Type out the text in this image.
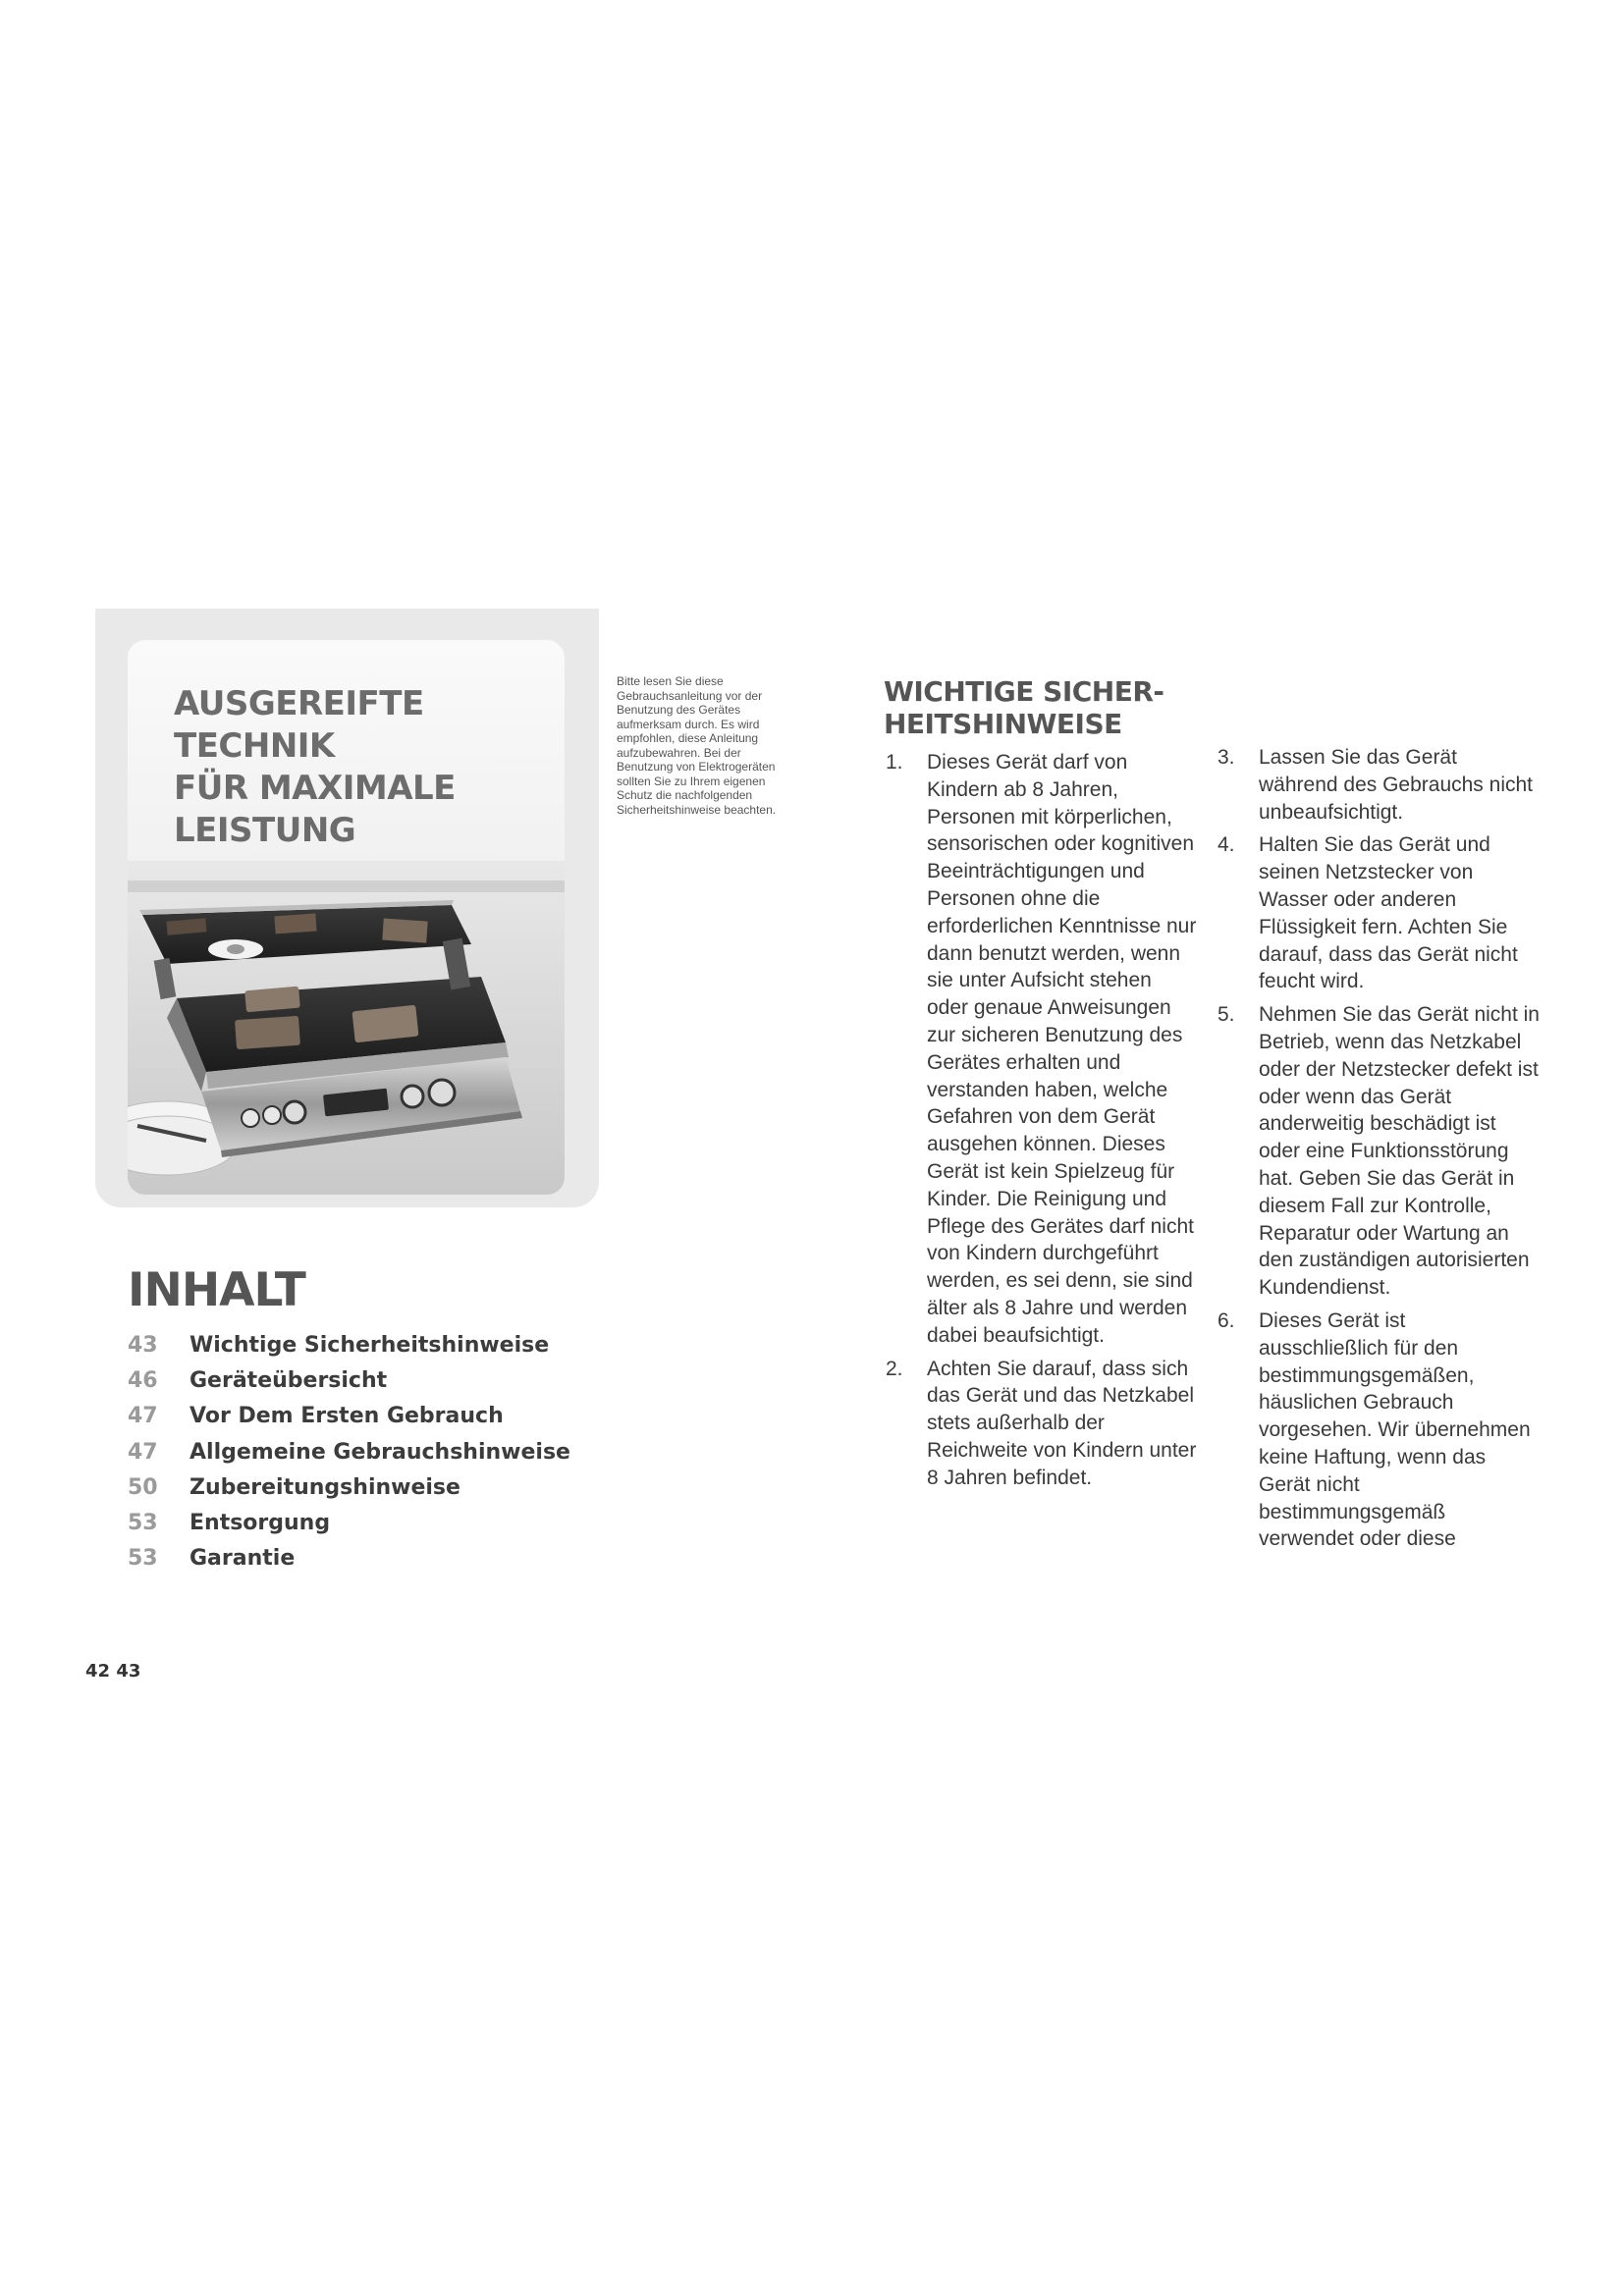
AUSGEREIFTE TECHNIK
FÜR MAXIMALE
LEISTUNG
Bitte lesen Sie diese Gebrauchsanleitung vor der Benutzung des Gerätes aufmerksam durch. Es wird empfohlen, diese Anleitung aufzubewahren. Bei der Benutzung von Elektrogeräten sollten Sie zu Ihrem eigenen Schutz die nachfolgenden Sicherheitshinweise beachten.
INHALT
43	Wichtige Sicherheitshinweise
46	Geräteübersicht
47	Vor Dem Ersten Gebrauch
47	Allgemeine Gebrauchshinweise
50	Zubereitungshinweise
53	Entsorgung
53	Garantie
42 43
WICHTIGE SICHER-
HEITSHINWEISE
1.	Dieses Gerät darf von Kindern ab 8 Jahren, Personen mit körperlichen, sensorischen oder kognitiven Beeinträchtigungen und Personen ohne die erforderlichen Kenntnisse nur dann benutzt werden, wenn sie unter Aufsicht stehen oder genaue Anweisungen zur sicheren Benutzung des Gerätes erhalten und verstanden haben, welche Gefahren von dem Gerät ausgehen können. Dieses Gerät ist kein Spielzeug für Kinder. Die Reinigung und Pflege des Gerätes darf nicht von Kindern durchgeführt werden, es sei denn, sie sind älter als 8 Jahre und werden dabei beaufsichtigt.
2.	Achten Sie darauf, dass sich das Gerät und das Netzkabel stets außerhalb der Reichweite von Kindern unter 8 Jahren befindet.
3.	Lassen Sie das Gerät während des Gebrauchs nicht unbeaufsichtigt.
4.	Halten Sie das Gerät und seinen Netzstecker von Wasser oder anderen Flüssigkeit fern. Achten Sie darauf, dass das Gerät nicht feucht wird.
5.	Nehmen Sie das Gerät nicht in Betrieb, wenn das Netzkabel oder der Netzstecker defekt ist oder wenn das Gerät anderweitig beschädigt ist oder eine Funktionsstörung hat. Geben Sie das Gerät in diesem Fall zur Kontrolle, Reparatur oder Wartung an den zuständigen autorisierten Kundendienst.
6.	Dieses Gerät ist ausschließlich für den bestimmungsgemäßen, häuslichen Gebrauch vorgesehen. Wir übernehmen keine Haftung, wenn das Gerät nicht bestimmungsgemäß verwendet oder diese
